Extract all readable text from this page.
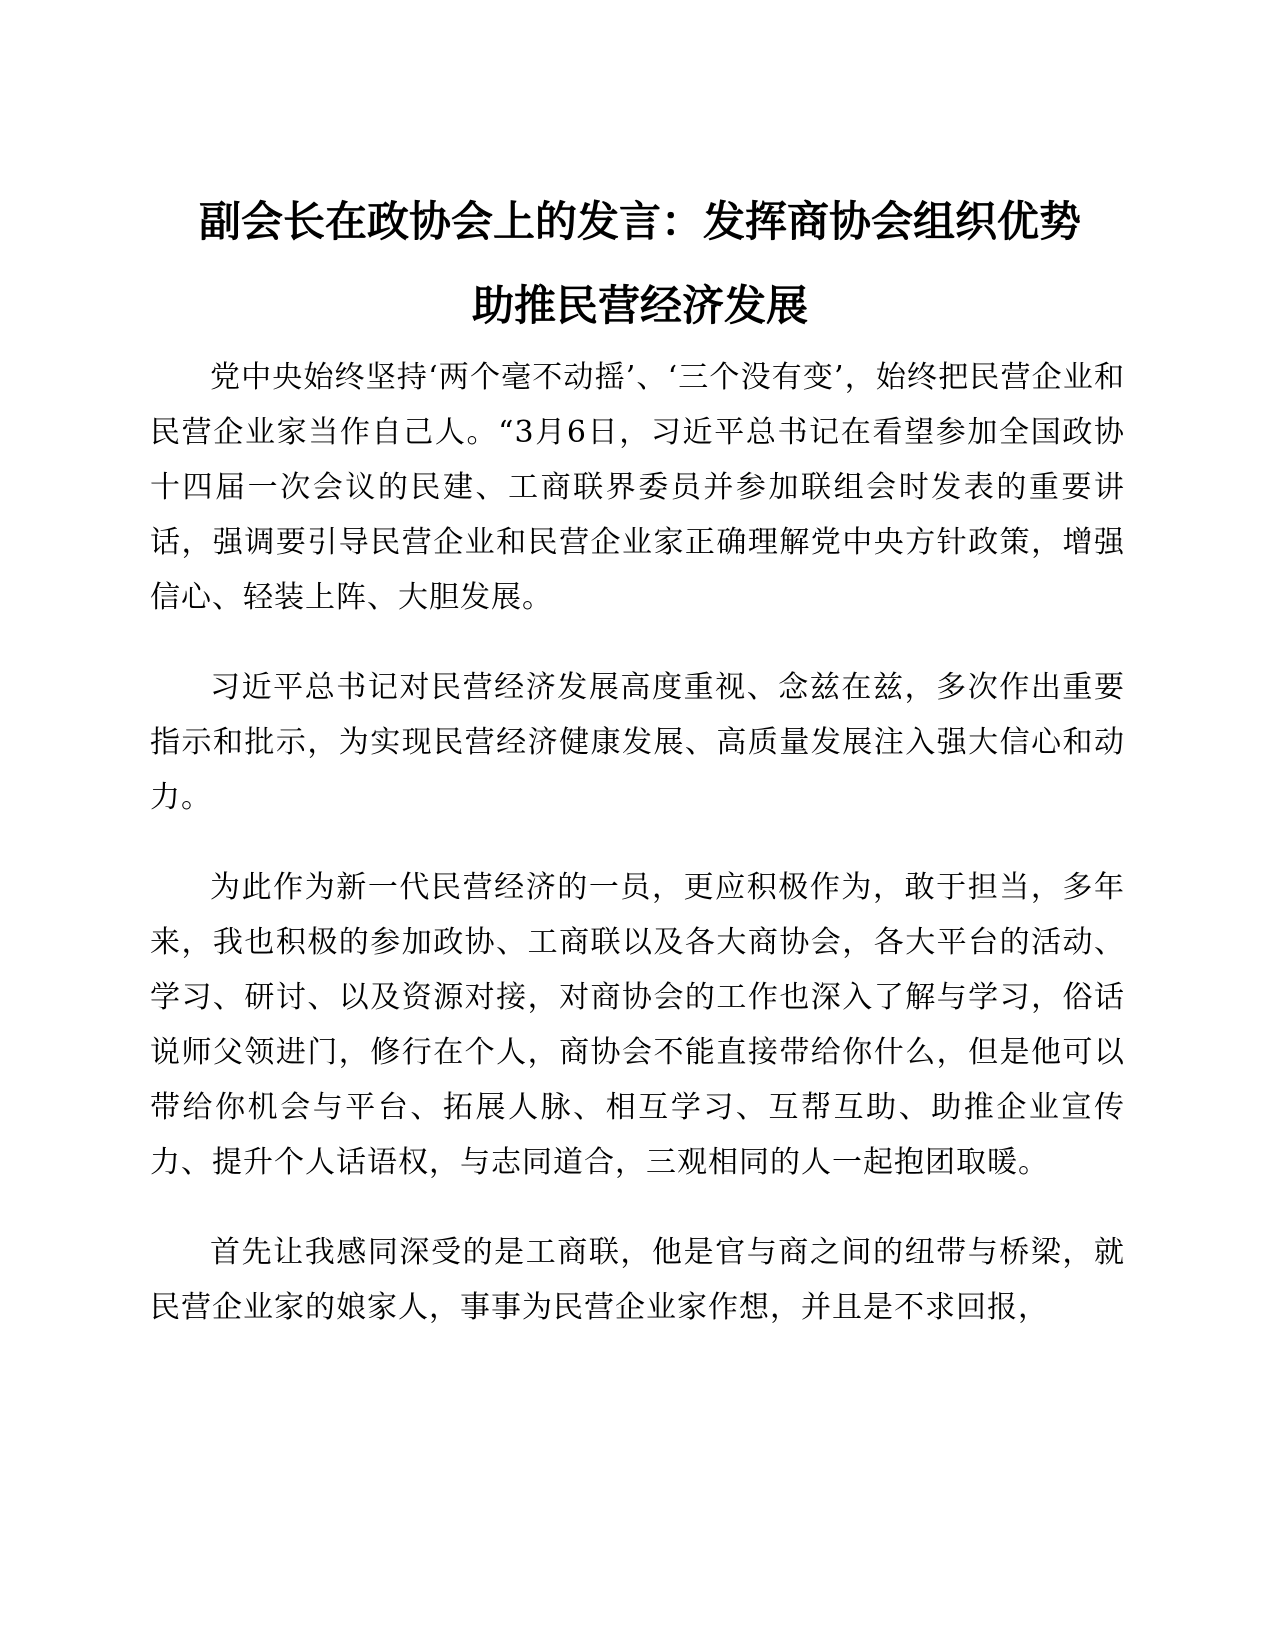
副会长在政协会上的发言：发挥商协会组织优势
助推民营经济发展

党中央始终坚持‘两个毫不动摇’、‘三个没有变’，始终把民营企业和民营企业家当作自己人。“3月6日，习近平总书记在看望参加全国政协十四届一次会议的民建、工商联界委员并参加联组会时发表的重要讲话，强调要引导民营企业和民营企业家正确理解党中央方针政策，增强信心、轻装上阵、大胆发展。

习近平总书记对民营经济发展高度重视、念兹在兹，多次作出重要指示和批示，为实现民营经济健康发展、高质量发展注入强大信心和动力。

为此作为新一代民营经济的一员，更应积极作为，敢于担当，多年来，我也积极的参加政协、工商联以及各大商协会，各大平台的活动、学习、研讨、以及资源对接，对商协会的工作也深入了解与学习，俗话说师父领进门，修行在个人，商协会不能直接带给你什么，但是他可以带给你机会与平台、拓展人脉、相互学习、互帮互助、助推企业宣传力、提升个人话语权，与志同道合，三观相同的人一起抱团取暖。

首先让我感同深受的是工商联，他是官与商之间的纽带与桥梁，就民营企业家的娘家人，事事为民营企业家作想，并且是不求回报，
